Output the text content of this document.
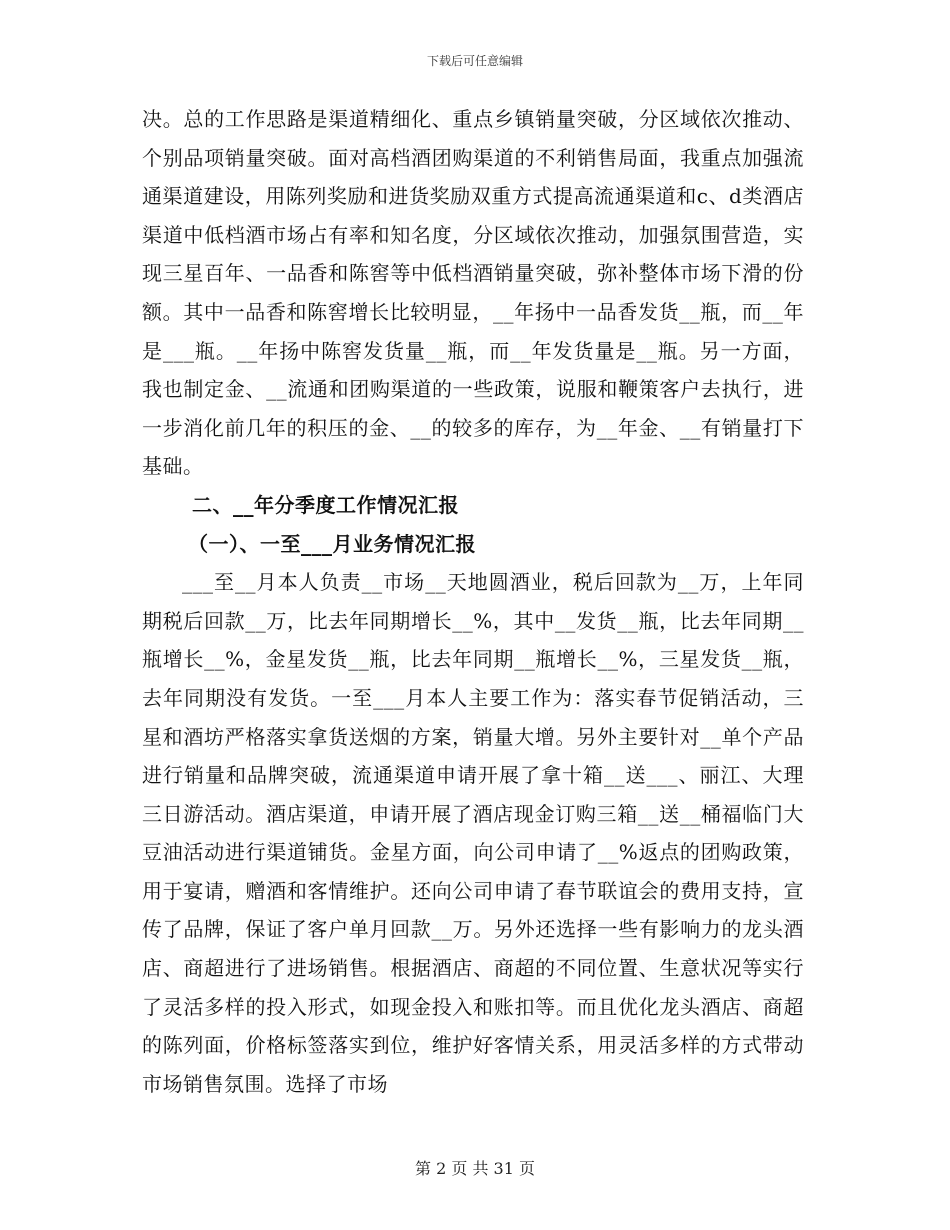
下载后可任意编辑

决。总的工作思路是渠道精细化、重点乡镇销量突破，分区域依次推动、个别品项销量突破。面对高档酒团购渠道的不利销售局面，我重点加强流通渠道建设，用陈列奖励和进货奖励双重方式提高流通渠道和c、d类酒店渠道中低档酒市场占有率和知名度，分区域依次推动，加强氛围营造，实现三星百年、一品香和陈窖等中低档酒销量突破，弥补整体市场下滑的份额。其中一品香和陈窖增长比较明显，__年扬中一品香发货__瓶，而__年是___瓶。__年扬中陈窖发货量__瓶，而__年发货量是__瓶。另一方面，我也制定金、__流通和团购渠道的一些政策，说服和鞭策客户去执行，进一步消化前几年的积压的金、__的较多的库存，为__年金、__有销量打下基础。

二、__年分季度工作情况汇报
（一）、一至___月业务情况汇报

___至__月本人负责__市场__天地圆酒业，税后回款为__万，上年同期税后回款__万，比去年同期增长__%，其中__发货__瓶，比去年同期__瓶增长__%，金星发货__瓶，比去年同期__瓶增长__%，三星发货__瓶，去年同期没有发货。一至___月本人主要工作为：落实春节促销活动，三星和酒坊严格落实拿货送烟的方案，销量大增。另外主要针对__单个产品进行销量和品牌突破，流通渠道申请开展了拿十箱__送___、丽江、大理三日游活动。酒店渠道，申请开展了酒店现金订购三箱__送__桶福临门大豆油活动进行渠道铺货。金星方面，向公司申请了__%返点的团购政策，用于宴请，赠酒和客情维护。还向公司申请了春节联谊会的费用支持，宣传了品牌，保证了客户单月回款__万。另外还选择一些有影响力的龙头酒店、商超进行了进场销售。根据酒店、商超的不同位置、生意状况等实行了灵活多样的投入形式，如现金投入和账扣等。而且优化龙头酒店、商超的陈列面，价格标签落实到位，维护好客情关系，用灵活多样的方式带动市场销售氛围。选择了市场

第 2 页 共 31 页
